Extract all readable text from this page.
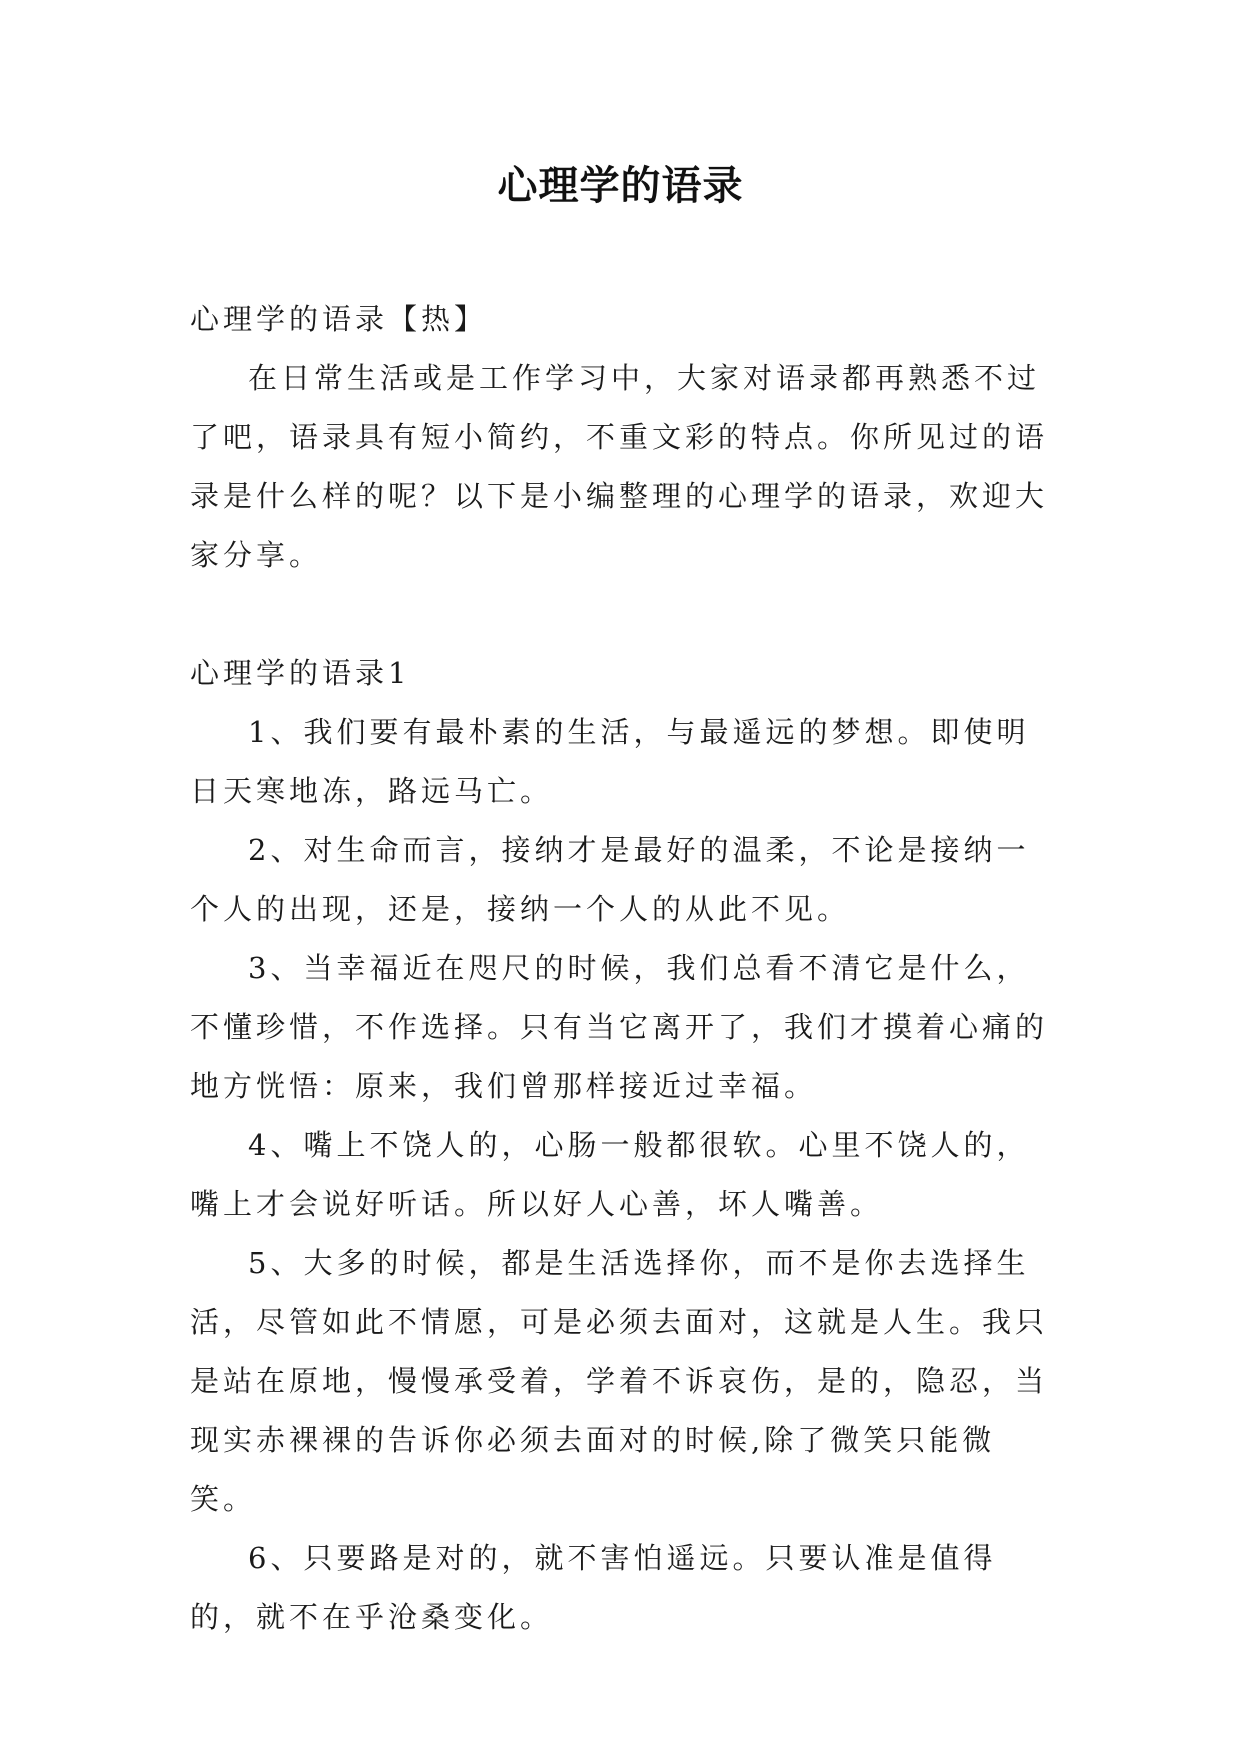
心理学的语录

心理学的语录【热】

在日常生活或是工作学习中，大家对语录都再熟悉不过了吧，语录具有短小简约，不重文彩的特点。你所见过的语录是什么样的呢？以下是小编整理的心理学的语录，欢迎大家分享。

心理学的语录1

1、我们要有最朴素的生活，与最遥远的梦想。即使明日天寒地冻，路远马亡。

2、对生命而言，接纳才是最好的温柔，不论是接纳一个人的出现，还是，接纳一个人的从此不见。

3、当幸福近在咫尺的时候，我们总看不清它是什么，不懂珍惜，不作选择。只有当它离开了，我们才摸着心痛的地方恍悟：原来，我们曾那样接近过幸福。

4、嘴上不饶人的，心肠一般都很软。心里不饶人的，嘴上才会说好听话。所以好人心善，坏人嘴善。

5、大多的时候，都是生活选择你，而不是你去选择生活，尽管如此不情愿，可是必须去面对，这就是人生。我只是站在原地，慢慢承受着，学着不诉哀伤，是的，隐忍，当现实赤裸裸的告诉你必须去面对的时候,除了微笑只能微笑。

6、只要路是对的，就不害怕遥远。只要认准是值得的，就不在乎沧桑变化。
